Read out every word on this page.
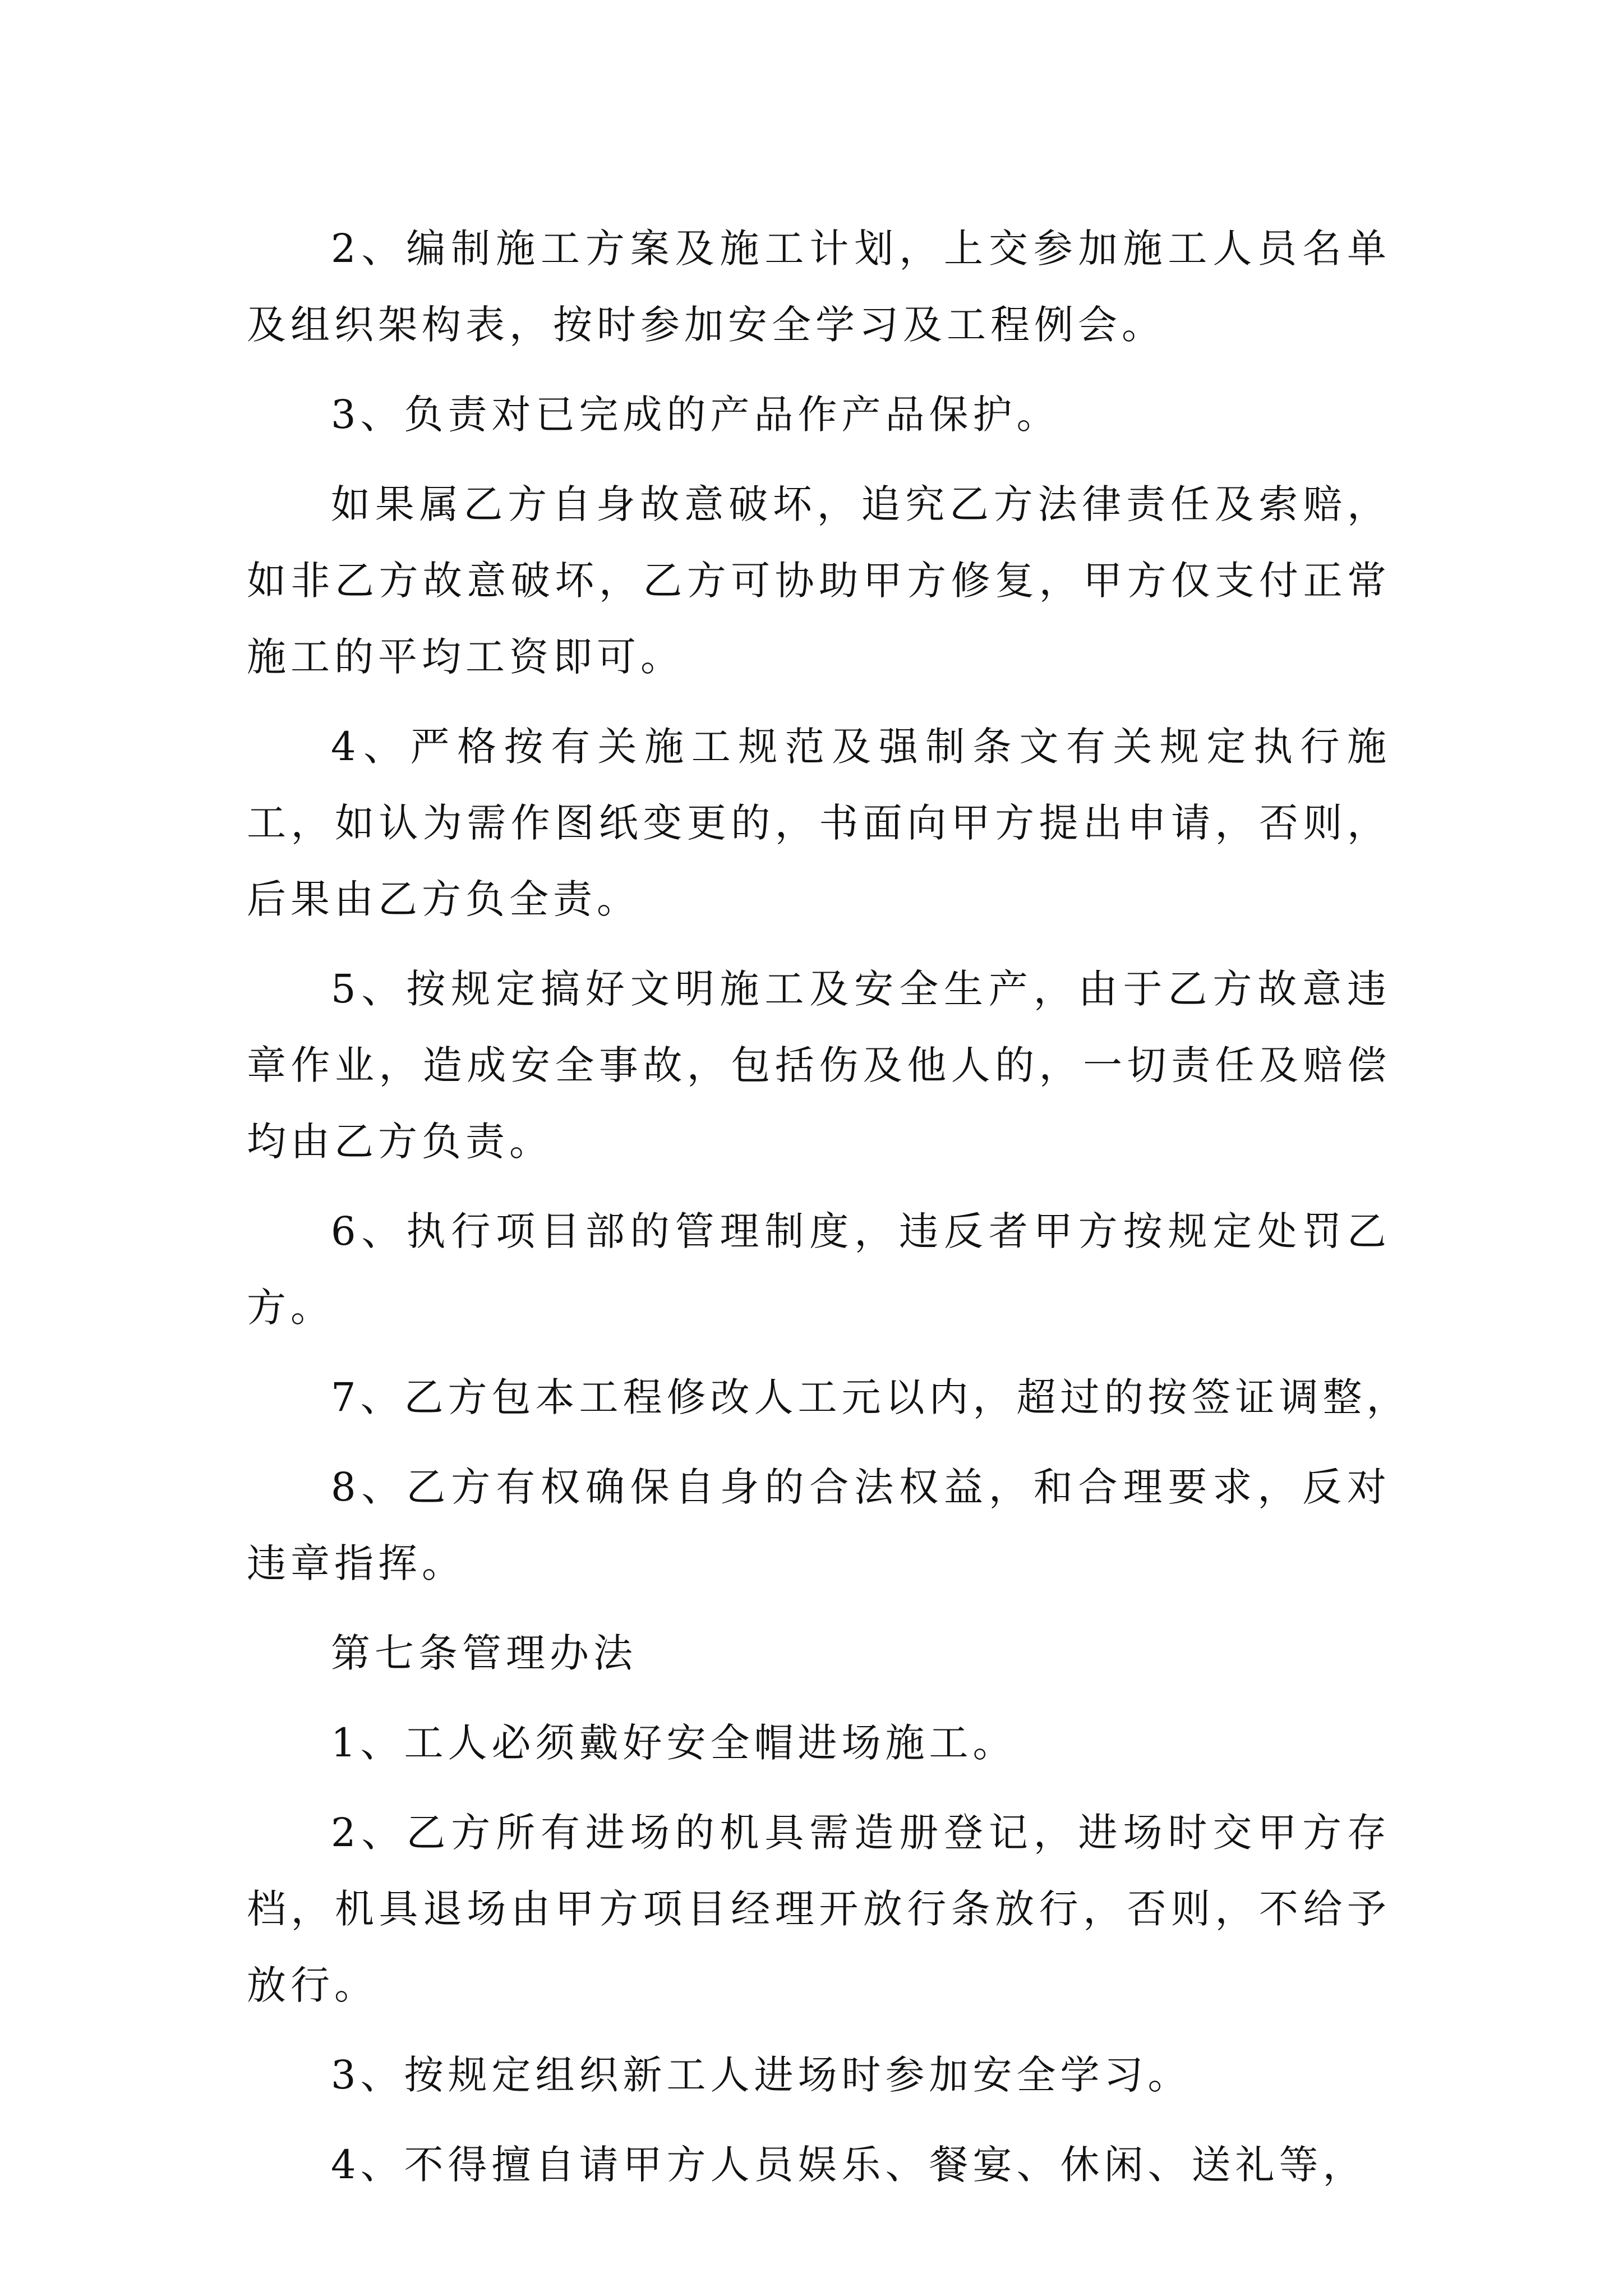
2、编制施工方案及施工计划，上交参加施工人员名单及组织架构表，按时参加安全学习及工程例会。

3、负责对已完成的产品作产品保护。

如果属乙方自身故意破坏，追究乙方法律责任及索赔，如非乙方故意破坏，乙方可协助甲方修复，甲方仅支付正常施工的平均工资即可。

4、严格按有关施工规范及强制条文有关规定执行施工，如认为需作图纸变更的，书面向甲方提出申请，否则，后果由乙方负全责。

5、按规定搞好文明施工及安全生产，由于乙方故意违章作业，造成安全事故，包括伤及他人的，一切责任及赔偿均由乙方负责。

6、执行项目部的管理制度，违反者甲方按规定处罚乙方。

7、乙方包本工程修改人工元以内，超过的按签证调整，

8、乙方有权确保自身的合法权益，和合理要求，反对违章指挥。

第七条管理办法

1、工人必须戴好安全帽进场施工。

2、乙方所有进场的机具需造册登记，进场时交甲方存档，机具退场由甲方项目经理开放行条放行，否则，不给予放行。

3、按规定组织新工人进场时参加安全学习。

4、不得擅自请甲方人员娱乐、餐宴、休闲、送礼等，
